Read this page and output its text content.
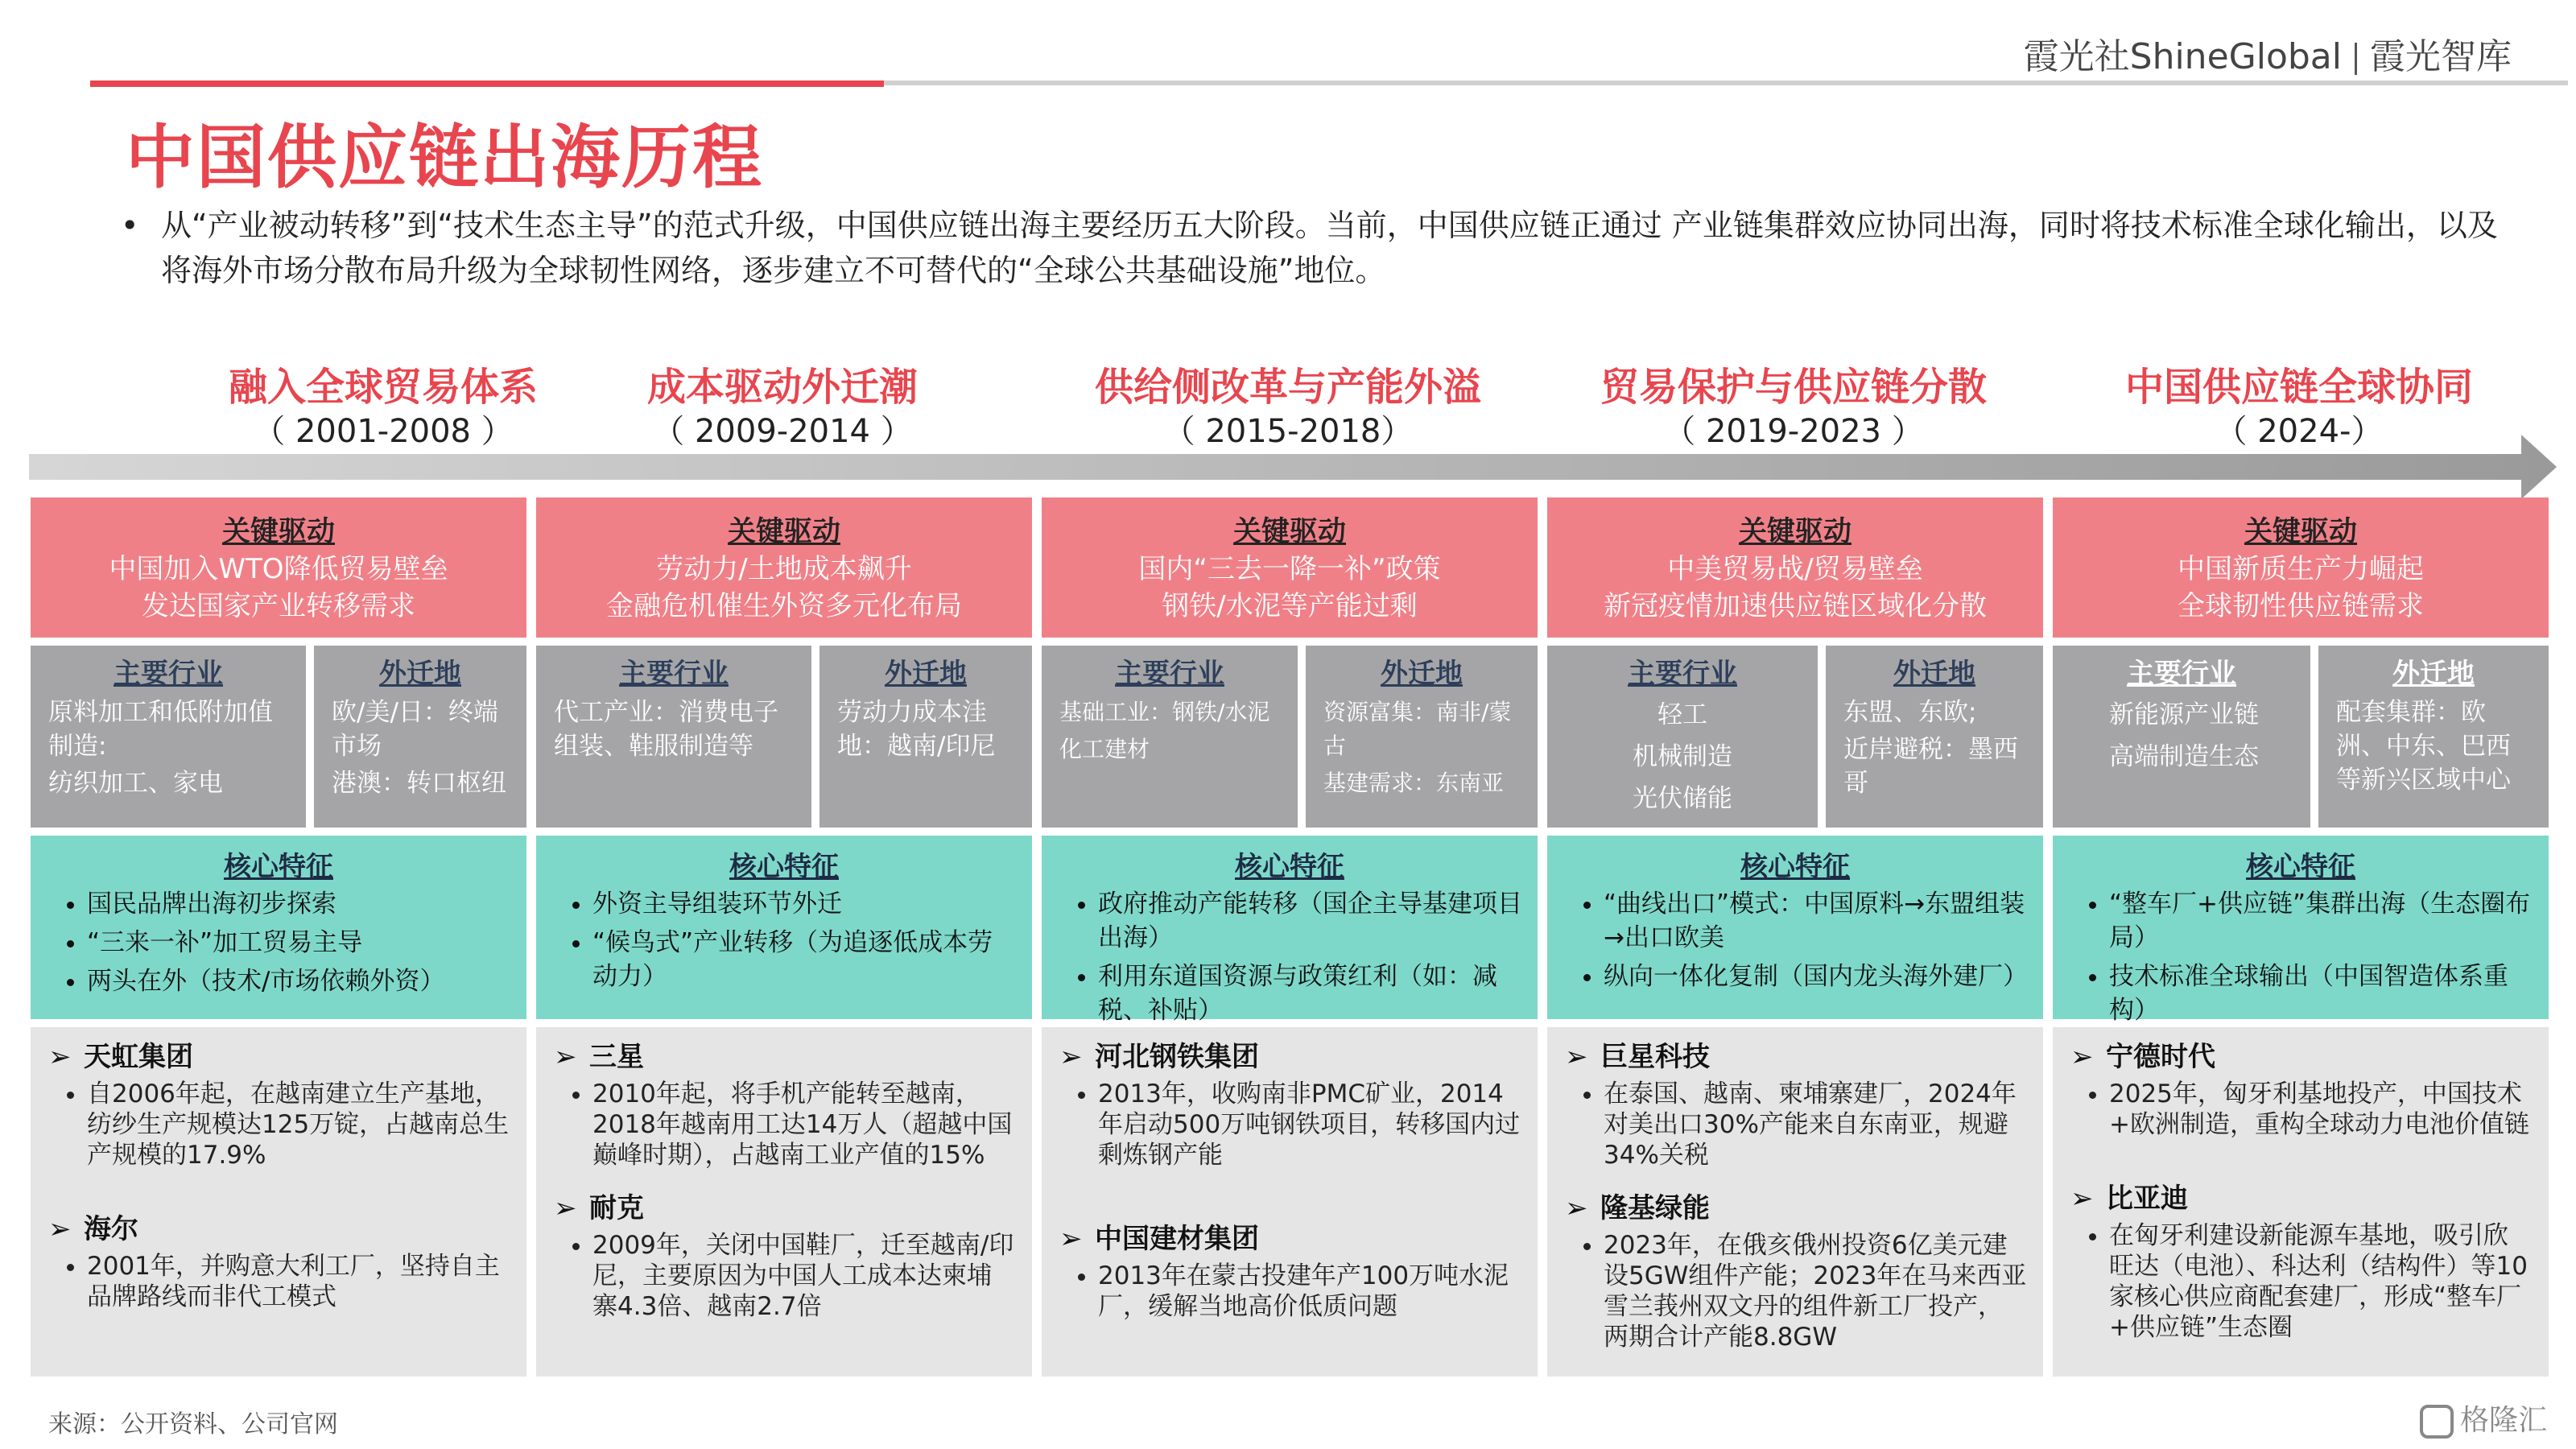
霞光社ShineGlobal 霞光智库
中国供应链出海历程
• 从“产业被动转移”到“技术生态主导”的范式升级，中国供应链出海主要经历五大阶段。当前，中国供应链正通过 产业链集群效应协同出海，同时将技术标准全球化输出，以及将海外市场分散布局升级为全球韧性网络，逐步建立不可替代的“全球公共基础设施”地位。
融入全球贸易体系
（ 2001-2008 ）
成本驱动外迁潮
（ 2009-2014 ）
供给侧改革与产能外溢
（ 2015-2018）
贸易保护与供应链分散
（ 2019-2023 ）
中国供应链全球协同
（ 2024-）
关键驱动
中国加入WTO降低贸易壁垒
发达国家产业转移需求
主要行业
原料加工和低附加值制造:
纺织加工、家电
外迁地
欧/美/日：终端市场
港澳：转口枢纽
核心特征
• 国民品牌出海初步探索
• “三来一补”加工贸易主导
• 两头在外（技术/市场依赖外资）
➢ 天虹集团
• 自2006年起，在越南建立生产基地，纺纱生产规模达125万锭，占越南总生产规模的17.9%
➢ 海尔
• 2001年，并购意大利工厂，坚持自主品牌路线而非代工模式
关键驱动
劳动力/土地成本飙升
金融危机催生外资多元化布局
主要行业
代工产业：消费电子组装、鞋服制造等
外迁地
劳动力成本洼地：越南/印尼
核心特征
• 外资主导组装环节外迁
• “候鸟式”产业转移（为追逐低成本劳动力）
➢ 三星
• 2010年起，将手机产能转至越南，2018年越南用工达14万人（超越中国巅峰时期），占越南工业产值的15%
➢ 耐克
• 2009年，关闭中国鞋厂，迁至越南/印尼，主要原因为中国人工成本达柬埔寨4.3倍、越南2.7倍
关键驱动
国内“三去一降一补”政策
钢铁/水泥等产能过剩
主要行业
基础工业：钢铁/水泥
化工建材
外迁地
资源富集：南非/蒙古
基建需求：东南亚
核心特征
• 政府推动产能转移（国企主导基建项目出海）
• 利用东道国资源与政策红利（如：减税、补贴）
➢ 河北钢铁集团
• 2013年，收购南非PMC矿业，2014年启动500万吨钢铁项目，转移国内过剩炼钢产能
➢ 中国建材集团
• 2013年在蒙古投建年产100万吨水泥厂，缓解当地高价低质问题
关键驱动
中美贸易战/贸易壁垒
新冠疫情加速供应链区域化分散
主要行业
轻工
机械制造
光伏储能
外迁地
东盟、东欧;
近岸避税：墨西哥
核心特征
• “曲线出口”模式：中国原料→东盟组装→出口欧美
• 纵向一体化复制（国内龙头海外建厂）
➢ 巨星科技
• 在泰国、越南、柬埔寨建厂，2024年对美出口30%产能来自东南亚，规避34%关税
➢ 隆基绿能
• 2023年，在俄亥俄州投资6亿美元建设5GW组件产能；2023年在马来西亚雪兰莪州双文丹的组件新工厂投产，两期合计产能8.8GW
关键驱动
中国新质生产力崛起
全球韧性供应链需求
主要行业
新能源产业链
高端制造生态
外迁地
配套集群：欧洲、中东、巴西等新兴区域中心
核心特征
• “整车厂+供应链”集群出海（生态圈布局）
• 技术标准全球输出（中国智造体系重构）
➢ 宁德时代
• 2025年，匈牙利基地投产，中国技术+欧洲制造，重构全球动力电池价值链
➢ 比亚迪
• 在匈牙利建设新能源车基地，吸引欣旺达（电池）、科达利（结构件）等10家核心供应商配套建厂，形成“整车厂+供应链”生态圈
来源：公开资料、公司官网	格隆汇
